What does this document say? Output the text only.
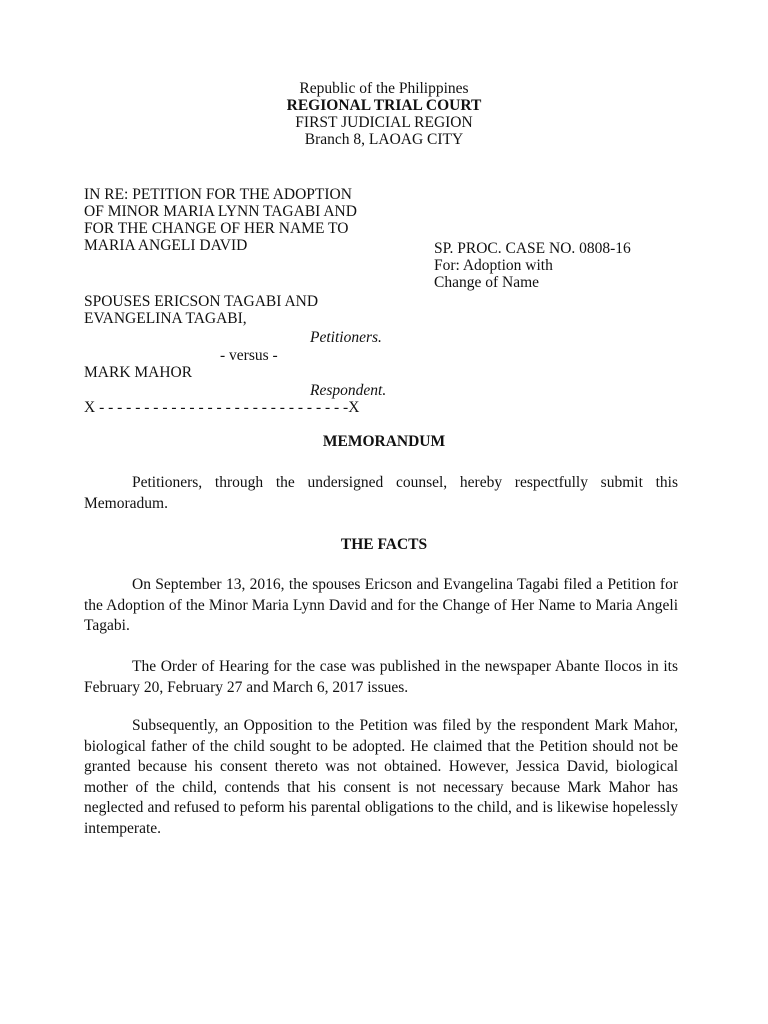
Republic of the Philippines
REGIONAL TRIAL COURT
FIRST JUDICIAL REGION
Branch 8, LAOAG CITY
IN RE: PETITION FOR THE ADOPTION
OF MINOR MARIA LYNN TAGABI AND
FOR THE CHANGE OF HER NAME TO
MARIA ANGELI DAVID	SP. PROC. CASE NO. 0808-16
For: Adoption with
Change of Name
SPOUSES ERICSON TAGABI AND
EVANGELINA TAGABI,
Petitioners.
- versus -
MARK MAHOR
Respondent.
X - - - - - - - - - - - - - - - - - - - - - - - - - - - -X
MEMORANDUM
Petitioners, through the undersigned counsel, hereby respectfully submit this Memoradum.
THE FACTS
On September 13, 2016, the spouses Ericson and Evangelina Tagabi filed a Petition for the Adoption of the Minor Maria Lynn David and for the Change of Her Name to Maria Angeli Tagabi.
The Order of Hearing for the case was published in the newspaper Abante Ilocos in its February 20, February 27 and March 6, 2017 issues.
Subsequently, an Opposition to the Petition was filed by the respondent Mark Mahor, biological father of the child sought to be adopted. He claimed that the Petition should not be granted because his consent thereto was not obtained. However, Jessica David, biological mother of the child, contends that his consent is not necessary because Mark Mahor has neglected and refused to peform his parental obligations to the child, and is likewise hopelessly intemperate.
